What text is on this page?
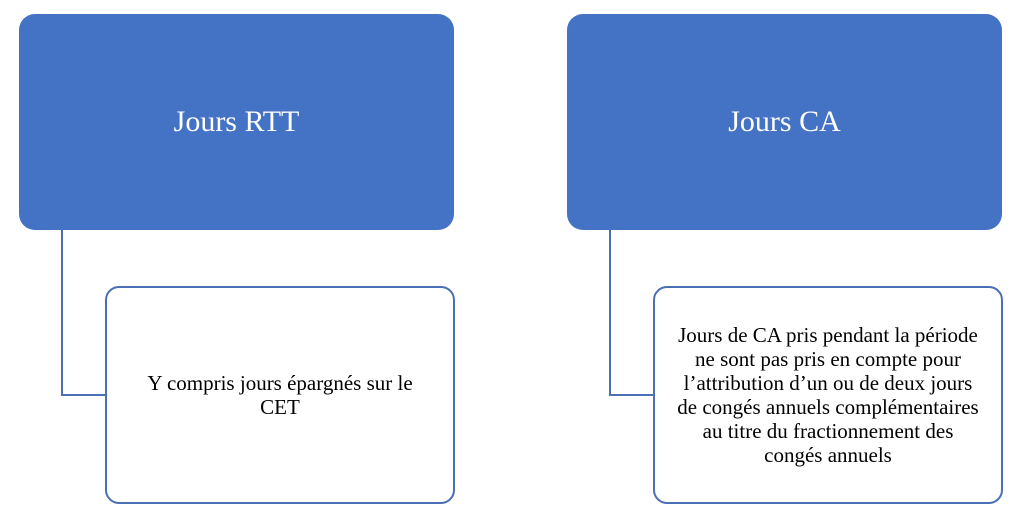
Jours RTT
Y compris jours épargnés sur le CET
Jours CA
Jours de CA pris pendant la période ne sont pas pris en compte pour l’attribution d’un ou de deux jours de congés annuels complémentaires au titre du fractionnement des congés annuels
